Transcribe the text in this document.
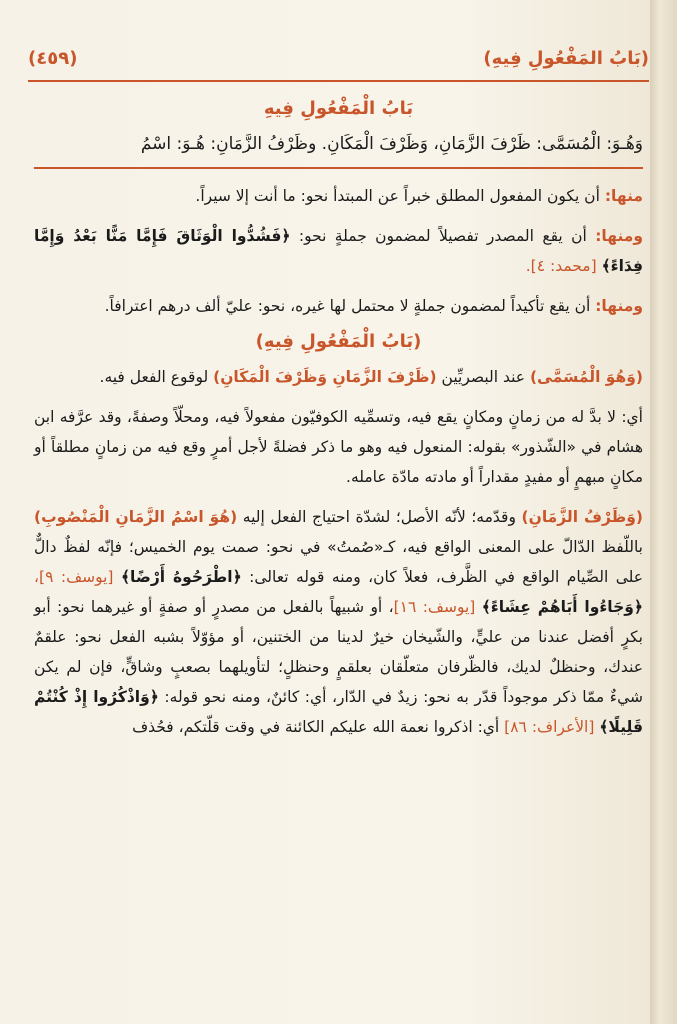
(بَابُ المَفْعُولِ فِيهِ)
(٤٥٩)
بَابُ الْمَفْعُولِ فِيهِ

وَهُـوَ: الْمُسَمَّى: ظَرْفَ الزَّمَانِ، وَظَرْفَ الْمَكَانِ. وظَرْفُ الزَّمَانِ: هُـوَ: اسْمُ

منها: أن يكون المفعول المطلق خبراً عن المبتدأ نحو: ما أنت إلا سيراً.

ومنها: أن يقع المصدر تفصيلاً لمضمون جملةٍ نحو: ﴿فَشُدُّوا الْوَثَاقَ فَإِمَّا مَنًّا بَعْدُ وَإِمَّا فِدَاءً﴾ [محمد: ٤].

ومنها: أن يقع تأكيداً لمضمون جملةٍ لا محتمل لها غيره، نحو: عليّ ألف درهم اعترافاً.

(بَابُ الْمَفْعُولِ فِيهِ)

(وَهُوَ الْمُسَمَّى) عند البصريِّين (ظَرْفَ الزَّمَانِ وَظَرْفَ الْمَكَانِ) لوقوع الفعل فيه.

أي: لا بدَّ له من زمانٍ ومكانٍ يقع فيه، وتسمِّيه الكوفيّون مفعولاً فيه، ومحلّاً وصفةً، وقد عرَّفه ابن هشام في «الشّذور» بقوله: المنعول فيه وهو ما ذكر فضلةً لأجل أمرٍ وقع فيه من زمانٍ مطلقاً أو مكانٍ مبهمٍ أو مفيدٍ مقداراً أو مادته مادّة عامله.

(وَظَرْفُ الزَّمَانِ) وقدّمه؛ لأنّه الأصل؛ لشدّة احتياج الفعل إليه (هُوَ اسْمُ الزَّمَانِ الْمَنْصُوبِ) باللّفظ الدّالّ على المعنى الواقع فيه، كـ«صُمتُ» في نحو: صمت يوم الخميس؛ فإنّه لفظٌ دالٌّ على الصِّيام الواقع في الظَّرف، فعلاً كان، ومنه قوله تعالى: ﴿اطْرَحُوهُ أَرْضًا﴾ [يوسف: ٩]، ﴿وَجَاءُوا أَبَاهُمْ عِشَاءً﴾ [يوسف: ١٦]، أو شبيهاً بالفعل من مصدرٍ أو صفةٍ أو غيرهما نحو: أبو بكرٍ أفضل عندنا من عليٍّ، والشّيخان خيرٌ لدينا من الختنين، أو مؤوّلاً بشبه الفعل نحو: علقمٌ عندك، وحنظلٌ لديك، فالظّرفان متعلّقان بعلقمٍ وحنظلٍ؛ لتأويلهما بصعبٍ وشاقٍّ، فإن لم يكن شيءٌ ممّا ذكر موجوداً قدّر به نحو: زيدٌ في الدّار، أي: كائنٌ، ومنه نحو قوله: ﴿وَاذْكُرُوا إِذْ كُنْتُمْ قَلِيلًا﴾ [الأعراف: ٨٦] أي: اذكروا نعمة الله عليكم الكائنة في وقت قلّتكم، فحُذف
